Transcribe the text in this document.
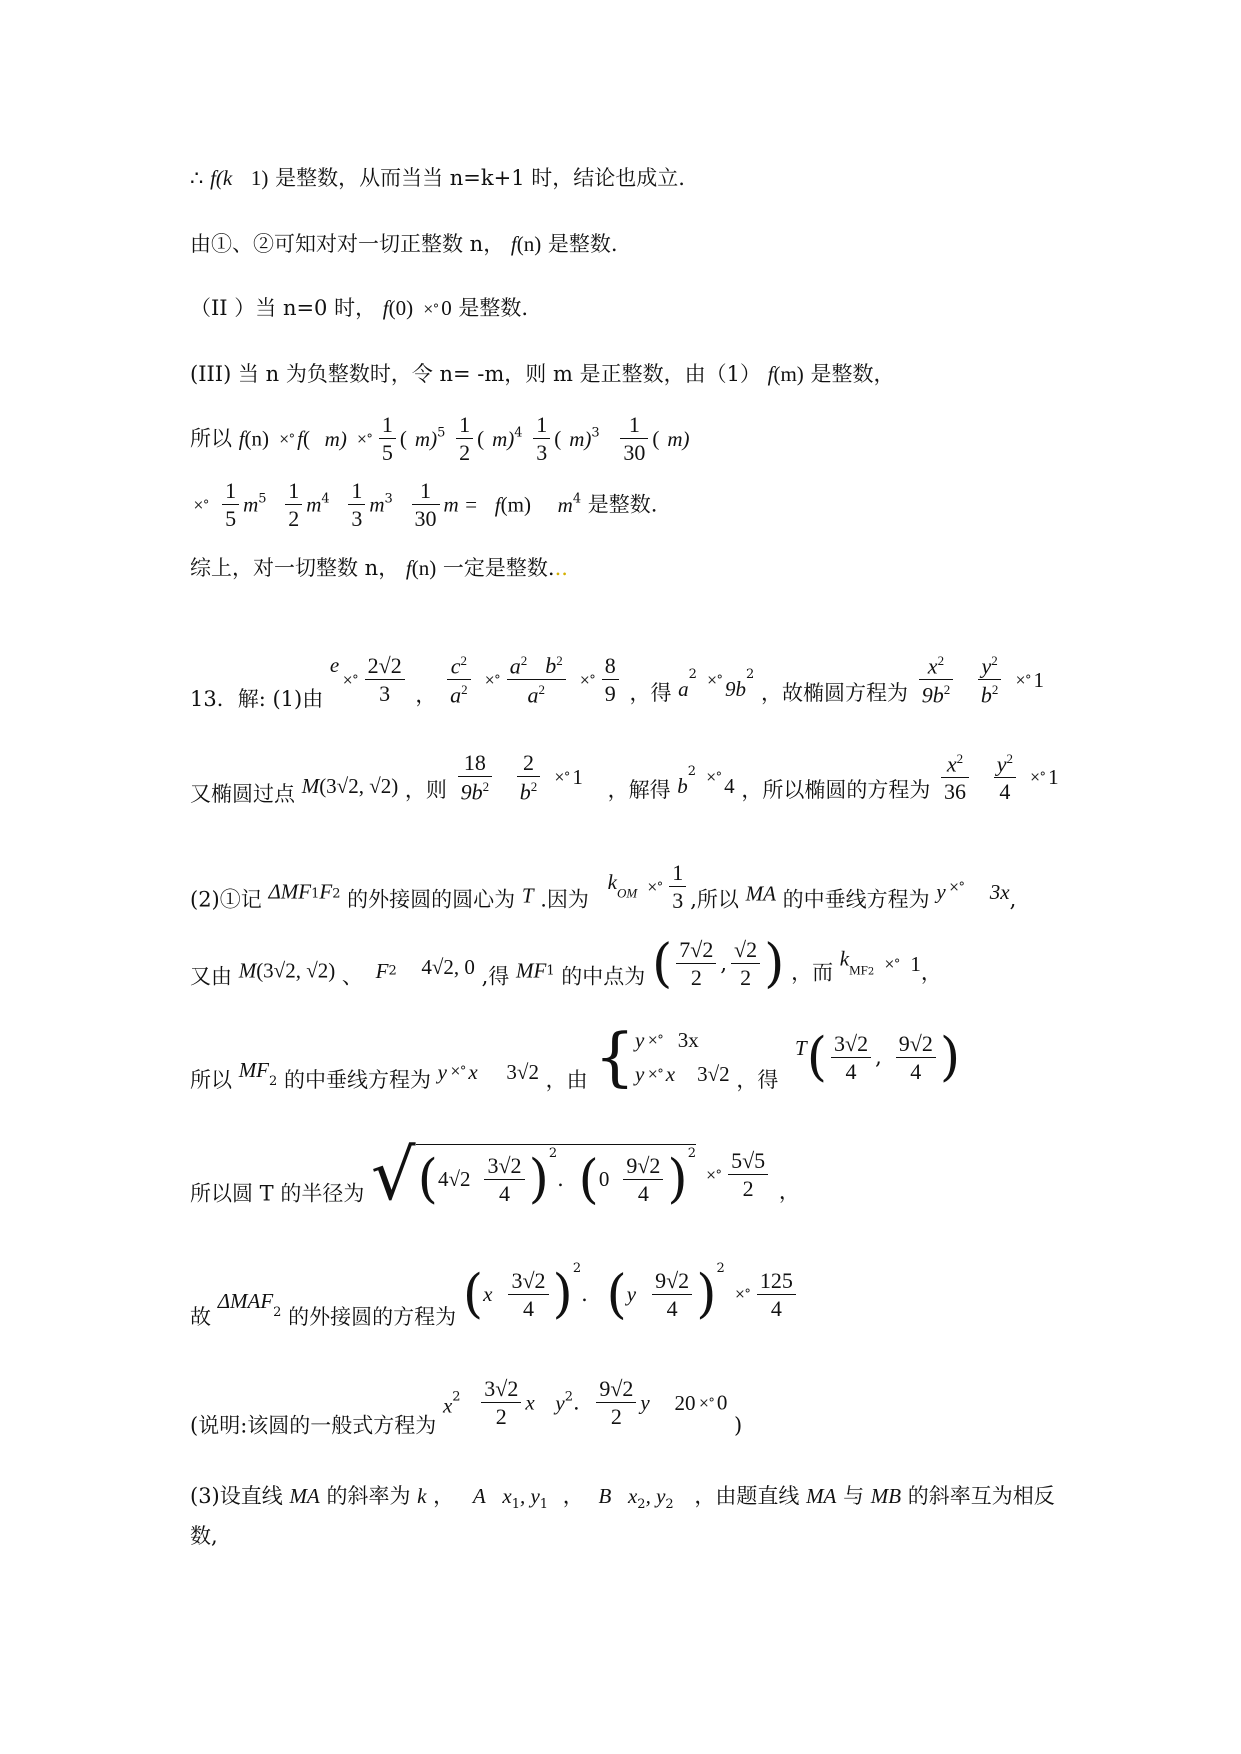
∴ f(k 1) 是整数，从而当当 n=k+1 时，结论也成立.
由①、②可知对对一切正整数 n， f(n) 是整数.
（II ）当 n=0 时， f(0) ×° 0 是整数.
(III) 当 n 为负整数时，令 n= -m，则 m 是正整数，由（1） f(m) 是整数，
所以 f(n) ×° f( m) ×° $\frac{1}{5}$ ( $m)^5 \frac{1}{2}$ ( $m)^4 \frac{1}{3}$ ( $m)^3 \frac{1}{30}$ ( m)
×° $\frac{1}{5} m^5 \frac{1}{2} m^4 \frac{1}{3} m^3 \frac{1}{30}$ m = f(m) $m^4$ 是整数.
综上，对一切整数 n， f(n) 一定是整数...
13．解: (1)由 $e\times^\circ \frac{2√2}{3}$ ， $\frac{c^2}{a^2}$ ×° $\frac{a^2 b^2}{a^2}$ ×° $\frac{8}{9}$ ，得 $a^2$ ×° $9b^2$ ，故椭圆方程为 $\frac{x^2}{9b^2}$
$\frac{y^2}{b^2}$ ×° 1
又椭圆过点 M(3√2, √2) ，则 $\frac{18}{9b^2}$
$\frac{2}{b^2}$ ×° 1 ，解得 $b^2$ ×° 4 ，所以椭圆的方程为 $\frac{x^2}{36}$
$\frac{y^2}{4}$ ×° 1
(2)①记 $\Delta MF_1F_2$ 的外接圆的圆心为 T .因为 $k_{OM}$ ×° $\frac{1}{3}$ ,所以 MA 的中垂线方程为 y ×° 3x,
又由 M(3√2, √2) 、 $F_2$ 4√2, 0 ,得 $MF_1$ 的中点为 ( $\frac{7√2}{2}$ , $\frac{√2}{2}$ ) ，而 $k_{MF2}$ ×° 1，
所以 $MF_2$ 的中垂线方程为 y $_{\times^\circ}$ x 3√2 ，由 {y ×° 3x
y ×° x 3√2 ，得 $T( \frac{3√2}{4}$ , $\frac{9√2}{4}$ )
所以圆 T 的半径为 $√(4√2 \frac{3√2}{4} )^2$. $(0 \frac{9√2}{4} )^2$ ×° $\frac{5√5}{2}$ ，
故 $\Delta MAF_2$ 的外接圆的方程为 $(x \frac{3√2}{4} )^2$. $(y \frac{9√2}{4} )^2$ ×° $\frac{125}{4}$
(说明:该圆的一般式方程为 $x^2 \frac{3√2}{2}$ x $y^2$. $\frac{9√2}{2}$ y 20 ×° 0 )
(3)设直线 MA 的斜率为 k ， A $x_1$, $y_1$ ， B $x_2$, $y_2$ ，由题直线 MA 与 MB 的斜率互为相反
数,
